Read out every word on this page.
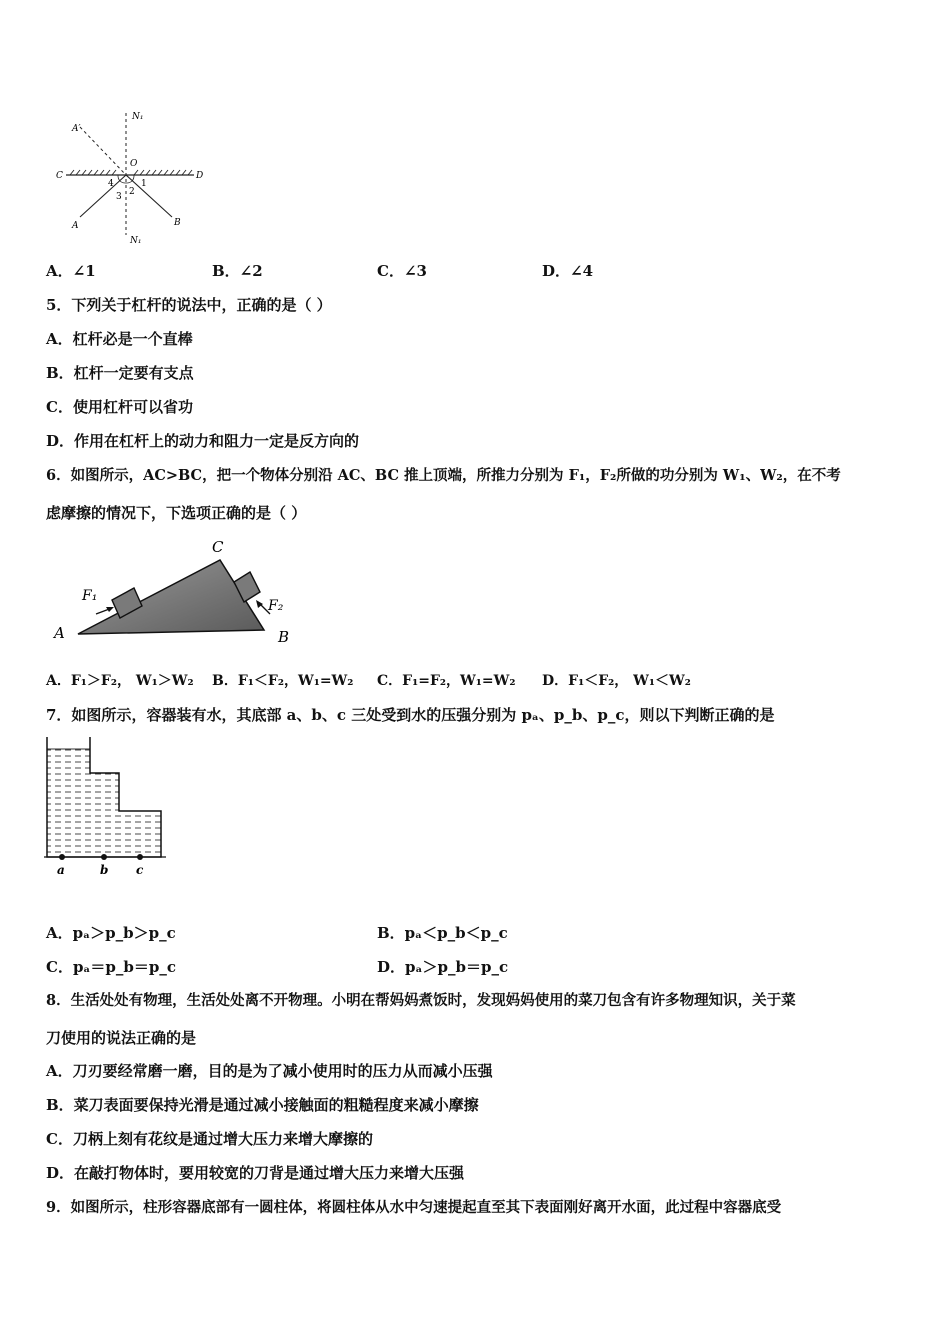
N₁
A′
O
C	D
4	1
2
3
A	B
N₁
A．∠1	B．∠2	C．∠3	D．∠4
5．下列关于杠杆的说法中，正确的是（ ）
A．杠杆必是一个直棒
B．杠杆一定要有支点
C．使用杠杆可以省功
D．作用在杠杆上的动力和阻力一定是反方向的
6．如图所示，AC>BC，把一个物体分别沿 AC、BC 推上顶端，所推力分别为 F₁，F₂所做的功分别为 W₁、W₂，在不考
虑摩擦的情况下，下选项正确的是（ ）
C
F₁
F₂
A	B
A．F₁＞F₂， W₁＞W₂ B．F₁＜F₂，W₁=W₂ C．F₁=F₂，W₁=W₂ D．F₁＜F₂， W₁＜W₂
7．如图所示，容器装有水，其底部 a、b、c 三处受到水的压强分别为 pₐ、p_b、p_c，则以下判断正确的是
a	b c
A．pₐ＞p_b＞p_c	B．pₐ＜p_b＜p_c
C．pₐ＝p_b＝p_c	D．pₐ＞p_b＝p_c
8．生活处处有物理，生活处处离不开物理。小明在帮妈妈煮饭时，发现妈妈使用的菜刀包含有许多物理知识，关于菜
刀使用的说法正确的是
A．刀刃要经常磨一磨，目的是为了减小使用时的压力从而减小压强
B．菜刀表面要保持光滑是通过减小接触面的粗糙程度来减小摩擦
C．刀柄上刻有花纹是通过增大压力来增大摩擦的
D．在敲打物体时，要用较宽的刀背是通过增大压力来增大压强
9．如图所示，柱形容器底部有一圆柱体，将圆柱体从水中匀速提起直至其下表面刚好离开水面，此过程中容器底受
